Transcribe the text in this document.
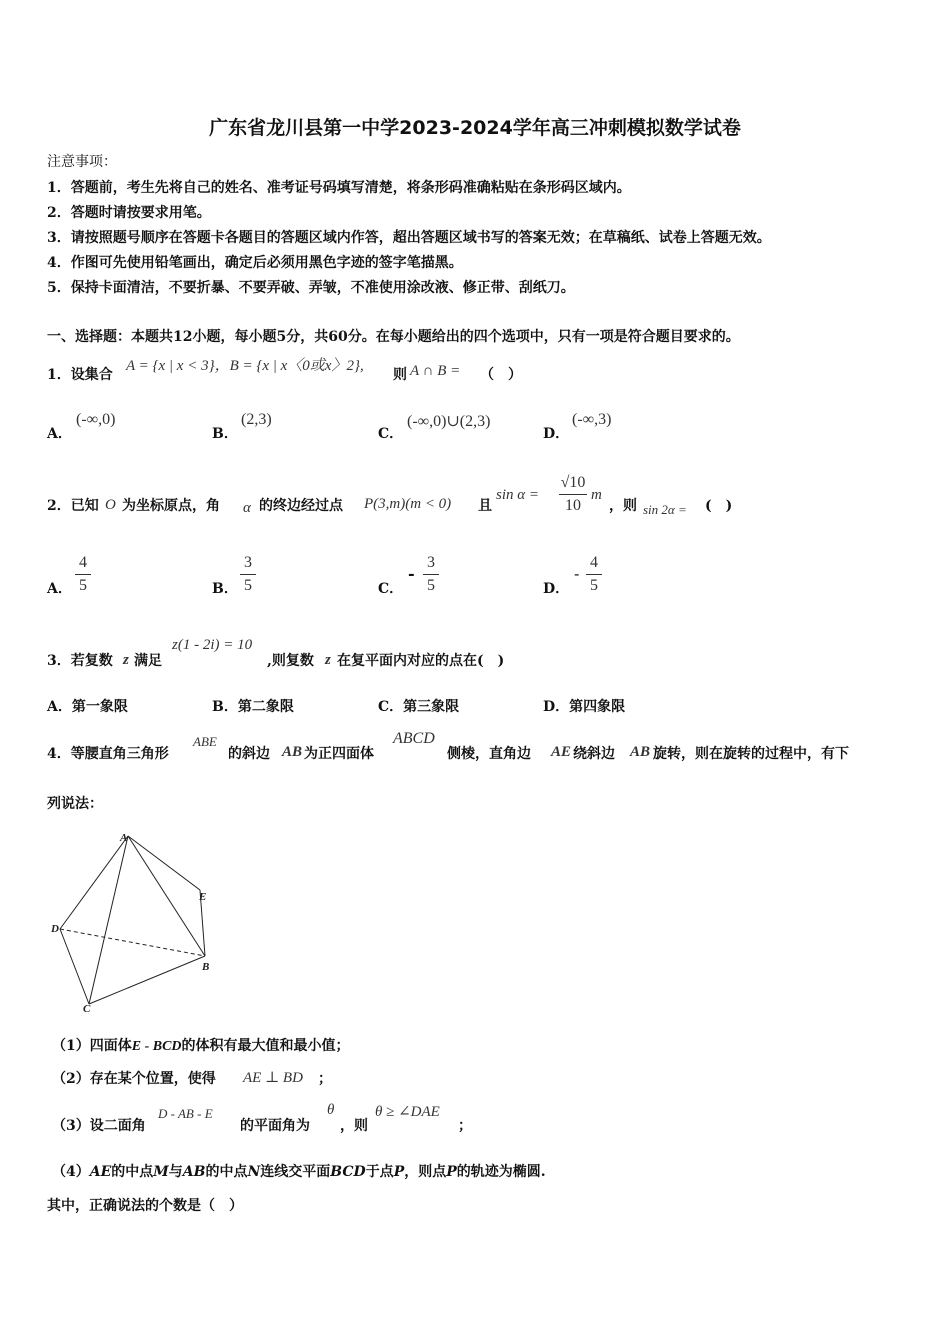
广东省龙川县第一中学2023-2024学年高三冲刺模拟数学试卷
注意事项：
1．答题前，考生先将自己的姓名、准考证号码填写清楚，将条形码准确粘贴在条形码区域内。
2．答题时请按要求用笔。
3．请按照题号顺序在答题卡各题目的答题区域内作答，超出答题区域书写的答案无效；在草稿纸、试卷上答题无效。
4．作图可先使用铅笔画出，确定后必须用黑色字迹的签字笔描黑。
5．保持卡面清洁，不要折暴、不要弄破、弄皱，不准使用涂改液、修正带、刮纸刀。
一、选择题：本题共12小题，每小题5分，共60分。在每小题给出的四个选项中，只有一项是符合题目要求的。
1．设集合
A = {x | x < 3}，B = {x | x〈0或x〉2},
则 A ∩ B = （　）
A．
(-∞,0)
B．
(2,3)
C．
(-∞,0)∪(2,3)
D．
(-∞,3)
2．已知 O 为坐标原点，角 α 的终边经过点 P(3,m)(m < 0) 且
sin α =
√10
10
m
，则 sin 2α = (　)
A．
4
5	B．
3
5	C．
-
3
5	D．
-
4
5
3．若复数 z 满足
z(1 - 2i) = 10
,则复数 z 在复平面内对应的点在(　)
A．第一象限	B．第二象限	C．第三象限	D．第四象限
4．等腰直角三角形
ABE
的斜边 AB 为正四面体
ABCD
侧棱，直角边 AE 绕斜边 AB 旋转，则在旋转的过程中，有下
列说法：
A
E
D
B
C
（1）四面体E - BCD的体积有最大值和最小值；
（2）存在某个位置，使得 AE ⊥ BD ；
（3）设二面角
D - AB - E
的平面角为
θ
，则
θ ≥ ∠DAE
；
（4）AE的中点M与AB的中点N连线交平面BCD于点P，则点P的轨迹为椭圆.
其中，正确说法的个数是（　）
